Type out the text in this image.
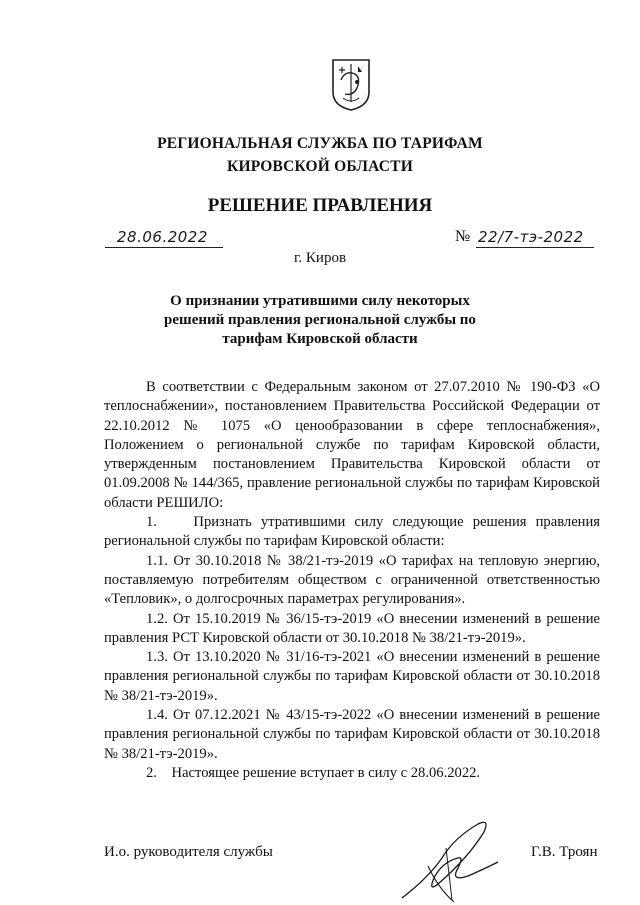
РЕГИОНАЛЬНАЯ СЛУЖБА ПО ТАРИФАМ
КИРОВСКОЙ ОБЛАСТИ
РЕШЕНИЕ ПРАВЛЕНИЯ
28.06.2022	№ 22/7-тэ-2022
г. Киров
О признании утратившими силу некоторых
решений правления региональной службы по
тарифам Кировской области

В соответствии с Федеральным законом от 27.07.2010 № 190-ФЗ «О теплоснабжении», постановлением Правительства Российской Федерации от 22.10.2012 № 1075 «О ценообразовании в сфере теплоснабжения», Положением о региональной службе по тарифам Кировской области, утвержденным постановлением Правительства Кировской области от 01.09.2008 № 144/365, правление региональной службы по тарифам Кировской области РЕШИЛО:

1.    Признать утратившими силу следующие решения правления региональной службы по тарифам Кировской области:

1.1. От 30.10.2018 № 38/21-тэ-2019 «О тарифах на тепловую энергию, поставляемую потребителям обществом с ограниченной ответственностью «Тепловик», о долгосрочных параметрах регулирования».

1.2. От 15.10.2019 № 36/15-тэ-2019 «О внесении изменений в решение правления РСТ Кировской области от 30.10.2018 № 38/21-тэ-2019».

1.3. От 13.10.2020 № 31/16-тэ-2021 «О внесении изменений в решение правления региональной службы по тарифам Кировской области от 30.10.2018 № 38/21-тэ-2019».

1.4. От 07.12.2021 № 43/15-тэ-2022 «О внесении изменений в решение правления региональной службы по тарифам Кировской области от 30.10.2018 № 38/21-тэ-2019».

2.    Настоящее решение вступает в силу с 28.06.2022.

И.о. руководителя службы	Г.В. Троян
